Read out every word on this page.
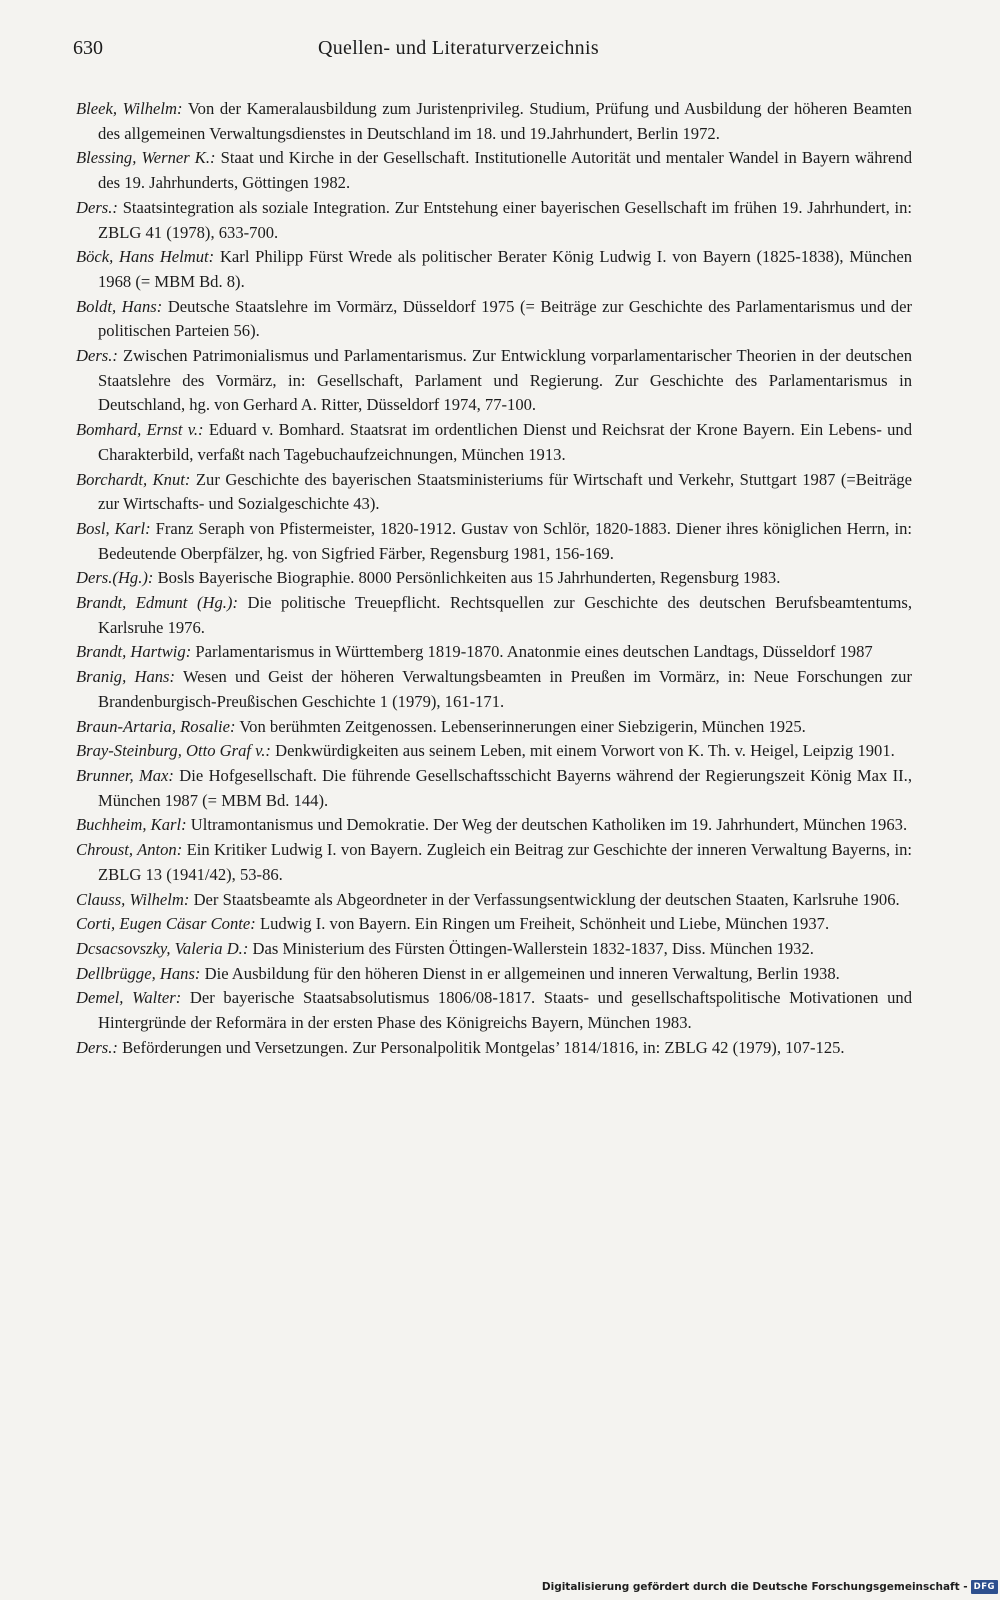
630	Quellen- und Literaturverzeichnis
Bleek, Wilhelm: Von der Kameralausbildung zum Juristenprivileg. Studium, Prüfung und Ausbildung der höheren Beamten des allgemeinen Verwaltungsdienstes in Deutschland im 18. und 19.Jahrhundert, Berlin 1972.
Blessing, Werner K.: Staat und Kirche in der Gesellschaft. Institutionelle Autorität und mentaler Wandel in Bayern während des 19. Jahrhunderts, Göttingen 1982.
Ders.: Staatsintegration als soziale Integration. Zur Entstehung einer bayerischen Gesellschaft im frühen 19. Jahrhundert, in: ZBLG 41 (1978), 633-700.
Böck, Hans Helmut: Karl Philipp Fürst Wrede als politischer Berater König Ludwig I. von Bayern (1825-1838), München 1968 (= MBM Bd. 8).
Boldt, Hans: Deutsche Staatslehre im Vormärz, Düsseldorf 1975 (= Beiträge zur Geschichte des Parlamentarismus und der politischen Parteien 56).
Ders.: Zwischen Patrimonialismus und Parlamentarismus. Zur Entwicklung vorparlamentarischer Theorien in der deutschen Staatslehre des Vormärz, in: Gesellschaft, Parlament und Regierung. Zur Geschichte des Parlamentarismus in Deutschland, hg. von Gerhard A. Ritter, Düsseldorf 1974, 77-100.
Bomhard, Ernst v.: Eduard v. Bomhard. Staatsrat im ordentlichen Dienst und Reichsrat der Krone Bayern. Ein Lebens- und Charakterbild, verfaßt nach Tagebuchaufzeichnungen, München 1913.
Borchardt, Knut: Zur Geschichte des bayerischen Staatsministeriums für Wirtschaft und Verkehr, Stuttgart 1987 (=Beiträge zur Wirtschafts- und Sozialgeschichte 43).
Bosl, Karl: Franz Seraph von Pfistermeister, 1820-1912. Gustav von Schlör, 1820-1883. Diener ihres königlichen Herrn, in: Bedeutende Oberpfälzer, hg. von Sigfried Färber, Regensburg 1981, 156-169.
Ders.(Hg.): Bosls Bayerische Biographie. 8000 Persönlichkeiten aus 15 Jahrhunderten, Regensburg 1983.
Brandt, Edmunt (Hg.): Die politische Treuepflicht. Rechtsquellen zur Geschichte des deutschen Berufsbeamtentums, Karlsruhe 1976.
Brandt, Hartwig: Parlamentarismus in Württemberg 1819-1870. Anatonmie eines deutschen Landtags, Düsseldorf 1987
Branig, Hans: Wesen und Geist der höheren Verwaltungsbeamten in Preußen im Vormärz, in: Neue Forschungen zur Brandenburgisch-Preußischen Geschichte 1 (1979), 161-171.
Braun-Artaria, Rosalie: Von berühmten Zeitgenossen. Lebenserinnerungen einer Siebzigerin, München 1925.
Bray-Steinburg, Otto Graf v.: Denkwürdigkeiten aus seinem Leben, mit einem Vorwort von K. Th. v. Heigel, Leipzig 1901.
Brunner, Max: Die Hofgesellschaft. Die führende Gesellschaftsschicht Bayerns während der Regierungszeit König Max II., München 1987 (= MBM Bd. 144).
Buchheim, Karl: Ultramontanismus und Demokratie. Der Weg der deutschen Katholiken im 19. Jahrhundert, München 1963.
Chroust, Anton: Ein Kritiker Ludwig I. von Bayern. Zugleich ein Beitrag zur Geschichte der inneren Verwaltung Bayerns, in: ZBLG 13 (1941/42), 53-86.
Clauss, Wilhelm: Der Staatsbeamte als Abgeordneter in der Verfassungsentwicklung der deutschen Staaten, Karlsruhe 1906.
Corti, Eugen Cäsar Conte: Ludwig I. von Bayern. Ein Ringen um Freiheit, Schönheit und Liebe, München 1937.
Dcsacsovszky, Valeria D.: Das Ministerium des Fürsten Öttingen-Wallerstein 1832-1837, Diss. München 1932.
Dellbrügge, Hans: Die Ausbildung für den höheren Dienst in er allgemeinen und inneren Verwaltung, Berlin 1938.
Demel, Walter: Der bayerische Staatsabsolutismus 1806/08-1817. Staats- und gesellschaftspolitische Motivationen und Hintergründe der Reformära in der ersten Phase des Königreichs Bayern, München 1983.
Ders.: Beförderungen und Versetzungen. Zur Personalpolitik Montgelas’ 1814/1816, in: ZBLG 42 (1979), 107-125.
Digitalisierung gefördert durch die Deutsche Forschungsgemeinschaft - DFG
